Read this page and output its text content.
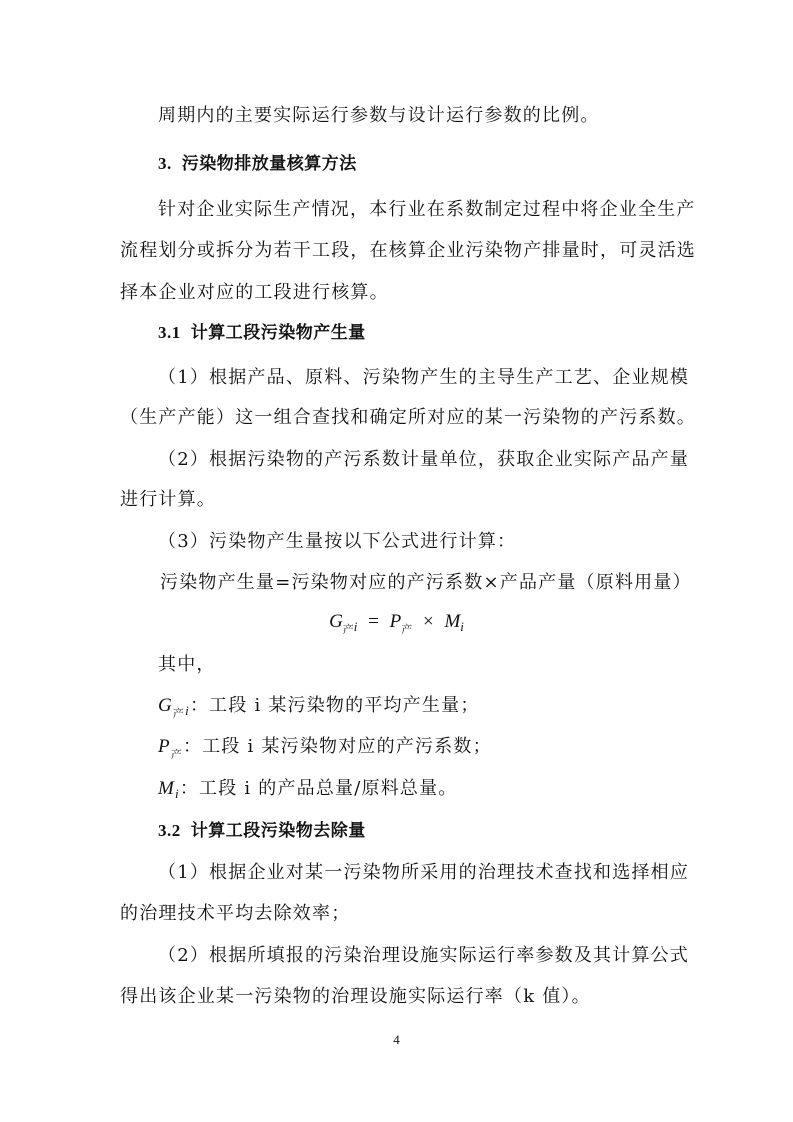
周期内的主要实际运行参数与设计运行参数的比例。
3. 污染物排放量核算方法
针对企业实际生产情况，本行业在系数制定过程中将企业全生产
流程划分或拆分为若干工段，在核算企业污染物产排量时，可灵活选
择本企业对应的工段进行核算。
3.1 计算工段污染物产生量
（1）根据产品、原料、污染物产生的主导生产工艺、企业规模
（生产产能）这一组合查找和确定所对应的某一污染物的产污系数。
（2）根据污染物的产污系数计量单位，获取企业实际产品产量
进行计算。
（3）污染物产生量按以下公式进行计算：
污染物产生量=污染物对应的产污系数×产品产量（原料用量）
$G_{产i} = P_产 \times M_i$
其中，
$G_{产i}$：工段 i 某污染物的平均产生量；
$P_产$：工段 i 某污染物对应的产污系数；
$M_i$：工段 i 的产品总量/原料总量。
3.2 计算工段污染物去除量
（1）根据企业对某一污染物所采用的治理技术查找和选择相应
的治理技术平均去除效率；
（2）根据所填报的污染治理设施实际运行率参数及其计算公式
得出该企业某一污染物的治理设施实际运行率（k 值）。
4
